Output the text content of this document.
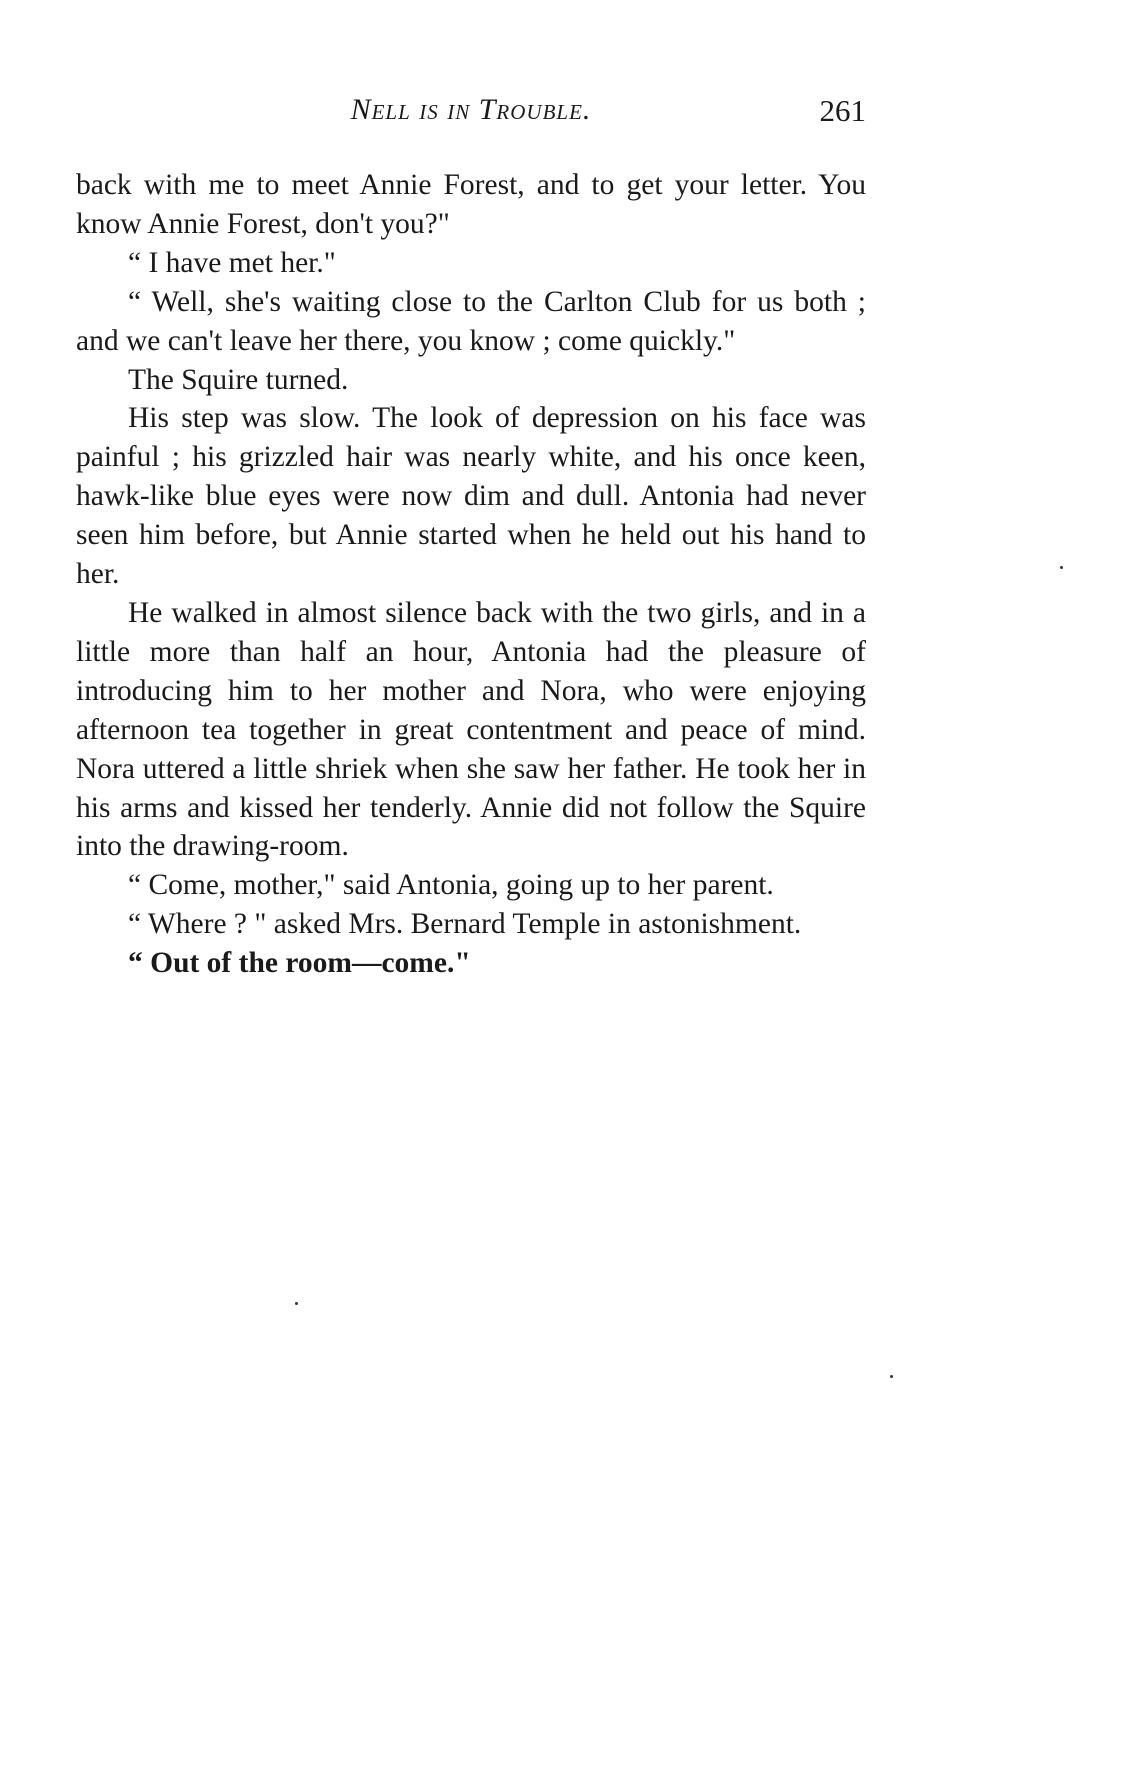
Nell is in Trouble.	261

back with me to meet Annie Forest, and to get your letter. You know Annie Forest, don't you?"

“ I have met her."

“ Well, she's waiting close to the Carlton Club for us both ; and we can't leave her there, you know ; come quickly."

The Squire turned.

His step was slow. The look of depression on his face was painful ; his grizzled hair was nearly white, and his once keen, hawk-like blue eyes were now dim and dull. Antonia had never seen him before, but Annie started when he held out his hand to her.

He walked in almost silence back with the two girls, and in a little more than half an hour, Antonia had the pleasure of introducing him to her mother and Nora, who were enjoying afternoon tea together in great contentment and peace of mind. Nora uttered a little shriek when she saw her father. He took her in his arms and kissed her tenderly. Annie did not follow the Squire into the drawing-room.

“ Come, mother," said Antonia, going up to her parent.

“ Where ? " asked Mrs. Bernard Temple in astonishment.

“ Out of the room—come."
